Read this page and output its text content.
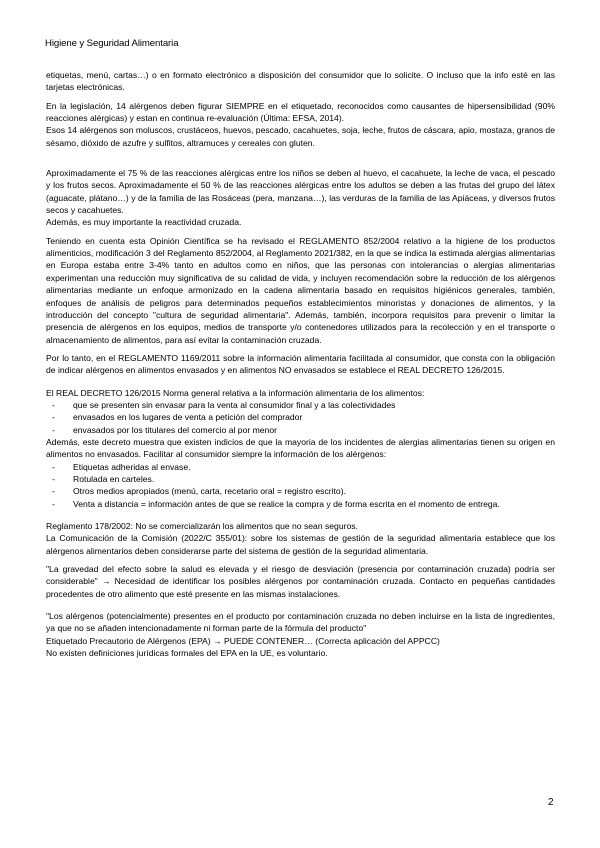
Higiene y Seguridad Alimentaria

etiquetas, menú, cartas…) o en formato electrónico a disposición del consumidor que lo solicite. O incluso que la info esté en las tarjetas electrónicas.

En la legislación, 14 alérgenos deben figurar SIEMPRE en el etiquetado, reconocidos como causantes de hipersensibilidad (90% reacciones alérgicas) y estan en continua re-evaluación (Última: EFSA, 2014).

Esos 14 alérgenos son moluscos, crustáceos, huevos, pescado, cacahuetes, soja, leche, frutos de cáscara, apio, mostaza, granos de sésamo, dióxido de azufre y sulfitos, altramuces y cereales con gluten.

Aproximadamente el 75 % de las reacciones alérgicas entre los niños se deben al huevo, el cacahuete, la leche de vaca, el pescado y los frutos secos. Aproximadamente el 50 % de las reacciones alérgicas entre los adultos se deben a las frutas del grupo del látex (aguacate, plátano…) y de la familia de las Rosáceas (pera, manzana…), las verduras de la familia de las Apiáceas, y diversos frutos secos y cacahuetes.

Además, es muy importante la reactividad cruzada.

Teniendo en cuenta esta Opinión Científica se ha revisado el REGLAMENTO 852/2004 relativo a la higiene de los productos alimenticios, modificación 3 del Reglamento 852/2004, al Reglamento 2021/382, en la que se indica la estimada alergias alimentarias en Europa estaba entre 3-4% tanto en adultos como en niños, que las personas con intolerancias o alergias alimentarias experimentan una reducción muy significativa de su calidad de vida, y incluyen recomendación sobre la reducción de los alérgenos alimentarias mediante un enfoque armonizado en la cadena alimentaria basado en requisitos higiénicos generales, también, enfoques de análisis de peligros para determinados pequeños establecimientos minoristas y donaciones de alimentos, y la introducción del concepto "cultura de seguridad alimentaria". Además, también, incorpora requisitos para prevenir o limitar la presencia de alérgenos en los equipos, medios de transporte y/o contenedores utilizados para la recolección y en el transporte o almacenamiento de alimentos, para así evitar la contaminación cruzada.

Por lo tanto, en el REGLAMENTO 1169/2011 sobre la información alimentaria facilitada al consumidor, que consta con la obligación de indicar alérgenos en alimentos envasados y en alimentos NO envasados se establece el REAL DECRETO 126/2015.

El REAL DECRETO 126/2015 Norma general relativa a la información alimentaria de los alimentos:

- que se presenten sin envasar para la venta al consumidor final y a las colectividades
- envasados en los lugares de venta a petición del comprador
- envasados por los titulares del comercio al por menor

Además, este decreto muestra que existen indicios de que la mayoria de los incidentes de alergias alimentarias tienen su origen en alimentos no envasados. Facilitar al consumidor siempre la información de los alérgenos:

- Etiquetas adheridas al envase.
- Rotulada en carteles.
- Otros medios apropiados (menú, carta, recetario oral = registro escrito).
- Venta a distancia = información antes de que se realice la compra y de forma escrita en el momento de entrega.

Reglamento 178/2002: No se comercializarán los alimentos que no sean seguros.

La Comunicación de la Comisión (2022/C 355/01): sobre los sistemas de gestión de la seguridad alimentaria establece que los alérgenos alimentarios deben considerarse parte del sistema de gestión de la seguridad alimentaria.

"La gravedad del efecto sobre la salud es elevada y el riesgo de desviación (presencia por contaminación cruzada) podría ser considerable" → Necesidad de identificar los posibles alérgenos por contaminación cruzada. Contacto en pequeñas cantidades procedentes de otro alimento que esté presente en las mismas instalaciones.

"Los alérgenos (potencialmente) presentes en el producto por contaminación cruzada no deben incluirse en la lista de ingredientes, ya que no se añaden intencionadamente ni forman parte de la fórmula del producto"

Etiquetado Precautorio de Alérgenos (EPA) → PUEDE CONTENER… (Correcta aplicación del APPCC)

No existen definiciones jurídicas formales del EPA en la UE, es voluntario.

2
